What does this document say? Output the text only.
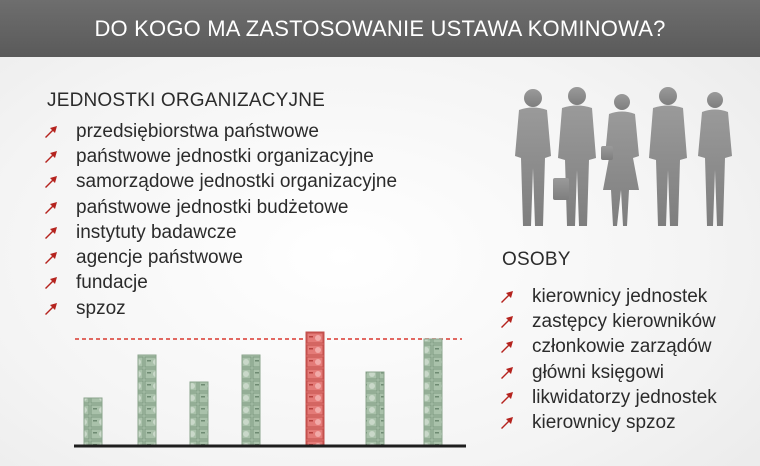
DO KOGO MA ZASTOSOWANIE USTAWA KOMINOWA?
JEDNOSTKI ORGANIZACYJNE
przedsiębiorstwa państwowe
państwowe jednostki organizacyjne
samorządowe jednostki organizacyjne
państwowe jednostki budżetowe
instytuty badawcze
agencje państwowe
fundacje
spzoz
OSOBY
kierownicy jednostek
zastępcy kierowników
członkowie zarządów
główni księgowi
likwidatorzy jednostek
kierownicy spzoz
